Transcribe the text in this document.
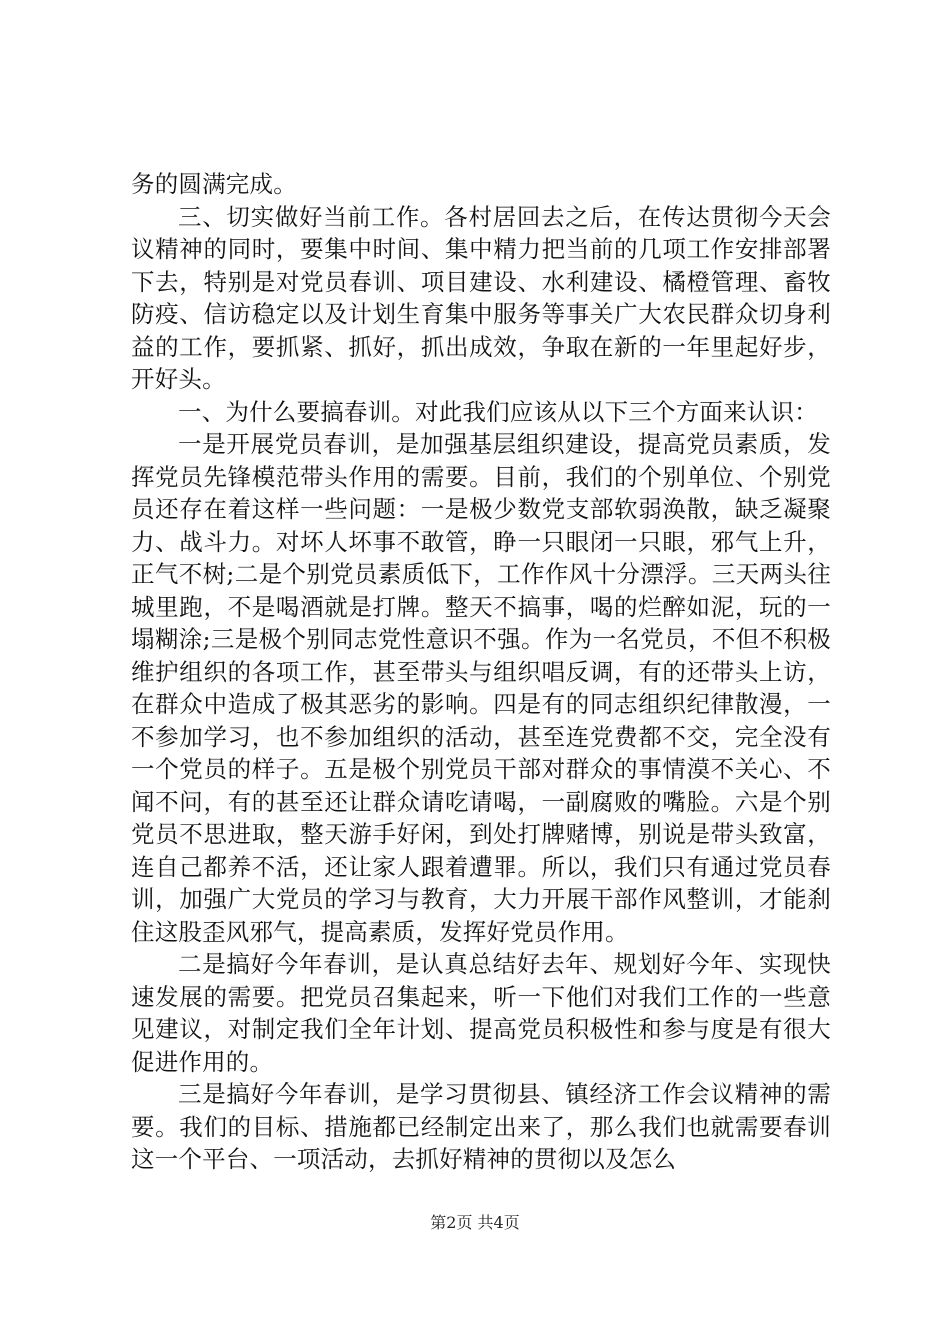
务的圆满完成。

三、切实做好当前工作。各村居回去之后，在传达贯彻今天会议精神的同时，要集中时间、集中精力把当前的几项工作安排部署下去，特别是对党员春训、项目建设、水利建设、橘橙管理、畜牧防疫、信访稳定以及计划生育集中服务等事关广大农民群众切身利益的工作，要抓紧、抓好，抓出成效，争取在新的一年里起好步，开好头。

一、为什么要搞春训。对此我们应该从以下三个方面来认识：

一是开展党员春训，是加强基层组织建设，提高党员素质，发挥党员先锋模范带头作用的需要。目前，我们的个别单位、个别党员还存在着这样一些问题：一是极少数党支部软弱涣散，缺乏凝聚力、战斗力。对坏人坏事不敢管，睁一只眼闭一只眼，邪气上升，正气不树;二是个别党员素质低下，工作作风十分漂浮。三天两头往城里跑，不是喝酒就是打牌。整天不搞事，喝的烂醉如泥，玩的一塌糊涂;三是极个别同志党性意识不强。作为一名党员，不但不积极维护组织的各项工作，甚至带头与组织唱反调，有的还带头上访，在群众中造成了极其恶劣的影响。四是有的同志组织纪律散漫，一不参加学习，也不参加组织的活动，甚至连党费都不交，完全没有一个党员的样子。五是极个别党员干部对群众的事情漠不关心、不闻不问，有的甚至还让群众请吃请喝，一副腐败的嘴脸。六是个别党员不思进取，整天游手好闲，到处打牌赌博，别说是带头致富，连自己都养不活，还让家人跟着遭罪。所以，我们只有通过党员春训，加强广大党员的学习与教育，大力开展干部作风整训，才能刹住这股歪风邪气，提高素质，发挥好党员作用。

二是搞好今年春训，是认真总结好去年、规划好今年、实现快速发展的需要。把党员召集起来，听一下他们对我们工作的一些意见建议，对制定我们全年计划、提高党员积极性和参与度是有很大促进作用的。

三是搞好今年春训，是学习贯彻县、镇经济工作会议精神的需要。我们的目标、措施都已经制定出来了，那么我们也就需要春训这一个平台、一项活动，去抓好精神的贯彻以及怎么

第2页 共4页
